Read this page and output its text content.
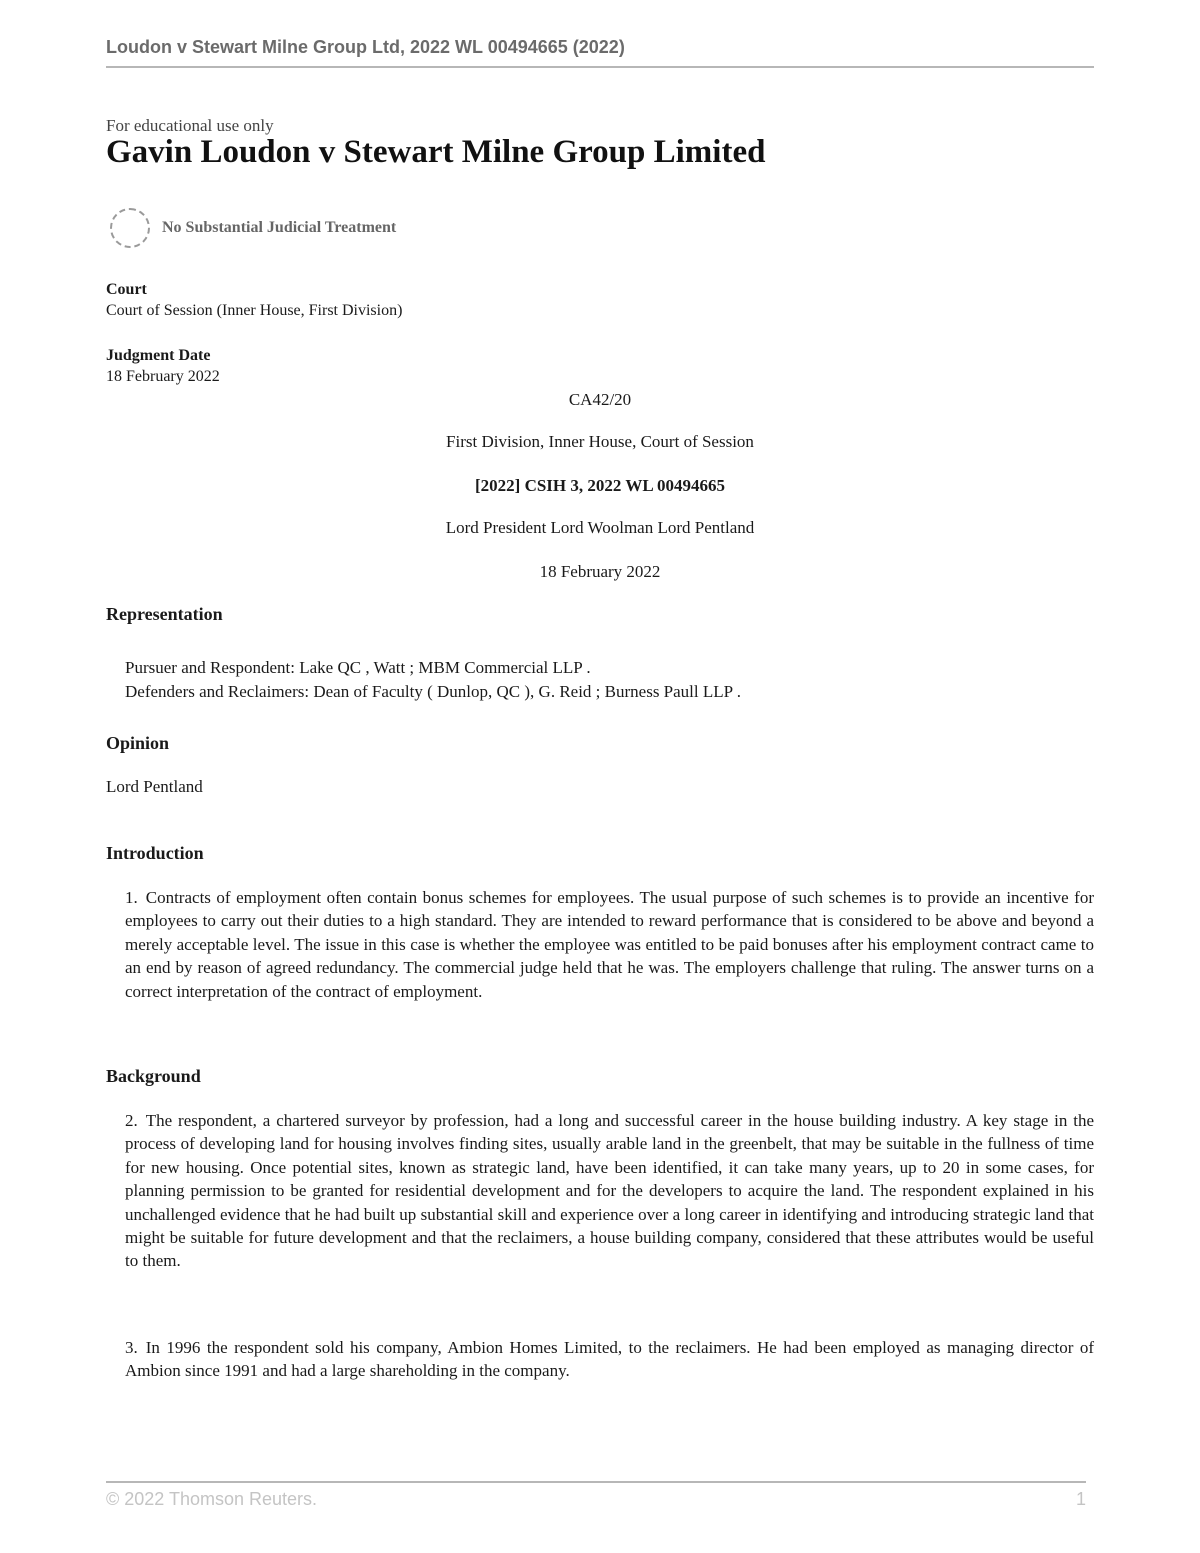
Loudon v Stewart Milne Group Ltd, 2022 WL 00494665 (2022)
For educational use only
Gavin Loudon v Stewart Milne Group Limited
No Substantial Judicial Treatment
Court
Court of Session (Inner House, First Division)
Judgment Date
18 February 2022
CA42/20
First Division, Inner House, Court of Session
[2022] CSIH 3, 2022 WL 00494665
Lord President Lord Woolman Lord Pentland
18 February 2022
Representation
Pursuer and Respondent: Lake QC , Watt ; MBM Commercial LLP .
Defenders and Reclaimers: Dean of Faculty ( Dunlop, QC ), G. Reid ; Burness Paull LLP .
Opinion
Lord Pentland
Introduction

1. Contracts of employment often contain bonus schemes for employees. The usual purpose of such schemes is to provide an incentive for employees to carry out their duties to a high standard. They are intended to reward performance that is considered to be above and beyond a merely acceptable level. The issue in this case is whether the employee was entitled to be paid bonuses after his employment contract came to an end by reason of agreed redundancy. The commercial judge held that he was. The employers challenge that ruling. The answer turns on a correct interpretation of the contract of employment.

Background

2. The respondent, a chartered surveyor by profession, had a long and successful career in the house building industry. A key stage in the process of developing land for housing involves finding sites, usually arable land in the greenbelt, that may be suitable in the fullness of time for new housing. Once potential sites, known as strategic land, have been identified, it can take many years, up to 20 in some cases, for planning permission to be granted for residential development and for the developers to acquire the land. The respondent explained in his unchallenged evidence that he had built up substantial skill and experience over a long career in identifying and introducing strategic land that might be suitable for future development and that the reclaimers, a house building company, considered that these attributes would be useful to them.

3. In 1996 the respondent sold his company, Ambion Homes Limited, to the reclaimers. He had been employed as managing director of Ambion since 1991 and had a large shareholding in the company.

© 2022 Thomson Reuters.	1
